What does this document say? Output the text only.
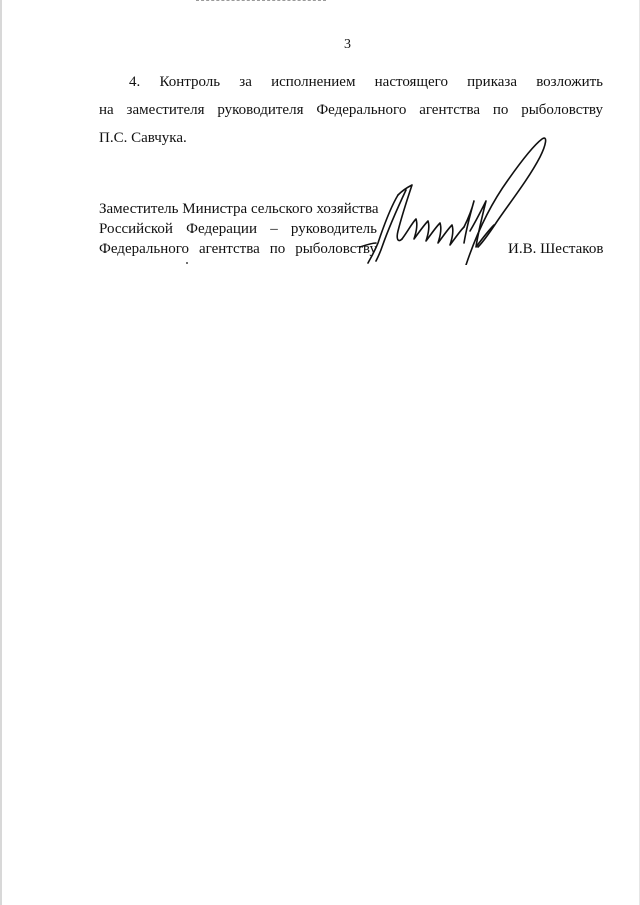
3
4. Контроль за исполнением настоящего приказа возложить
на заместителя руководителя Федерального агентства по рыболовству
П.С. Савчука.
Заместитель Министра сельского хозяйства
Российской Федерации – руководитель
Федерального агентства по рыболовству	И.В. Шестаков
